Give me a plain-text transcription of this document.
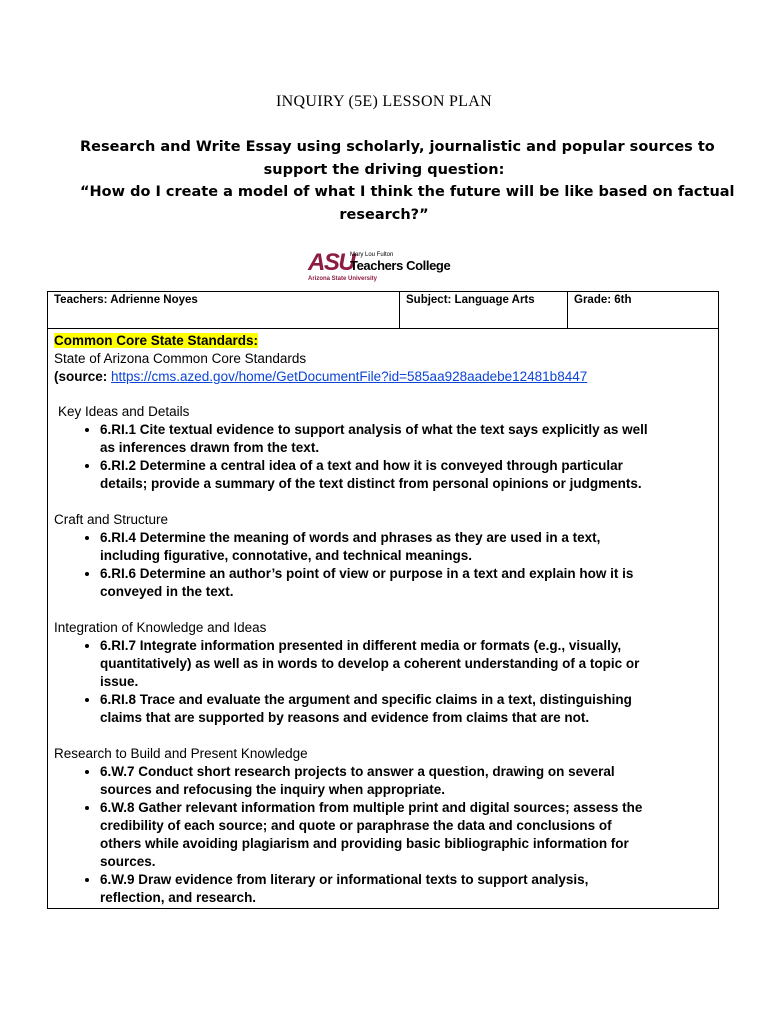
INQUIRY (5E) LESSON PLAN
Research and Write Essay using scholarly, journalistic and popular sources to
support the driving question:
“How do I create a model of what I think the future will be like based on factual
research?”
ASU
Mary Lou Fulton
Teachers College
Arizona State University
Teachers: Adrienne Noyes	Subject: Language Arts	Grade: 6th
Common Core State Standards:
State of Arizona Common Core Standards
(source: https://cms.azed.gov/home/GetDocumentFile?id=585aa928aadebe12481b8447
Key Ideas and Details
• 6.RI.1 Cite textual evidence to support analysis of what the text says explicitly as well
as inferences drawn from the text.
• 6.RI.2 Determine a central idea of a text and how it is conveyed through particular
details; provide a summary of the text distinct from personal opinions or judgments.
Craft and Structure
• 6.RI.4 Determine the meaning of words and phrases as they are used in a text,
including figurative, connotative, and technical meanings.
• 6.RI.6 Determine an author’s point of view or purpose in a text and explain how it is
conveyed in the text.
Integration of Knowledge and Ideas
• 6.RI.7 Integrate information presented in different media or formats (e.g., visually,
quantitatively) as well as in words to develop a coherent understanding of a topic or
issue.
• 6.RI.8 Trace and evaluate the argument and specific claims in a text, distinguishing
claims that are supported by reasons and evidence from claims that are not.
Research to Build and Present Knowledge
• 6.W.7 Conduct short research projects to answer a question, drawing on several
sources and refocusing the inquiry when appropriate.
• 6.W.8 Gather relevant information from multiple print and digital sources; assess the
credibility of each source; and quote or paraphrase the data and conclusions of
others while avoiding plagiarism and providing basic bibliographic information for
sources.
• 6.W.9 Draw evidence from literary or informational texts to support analysis,
reflection, and research.
